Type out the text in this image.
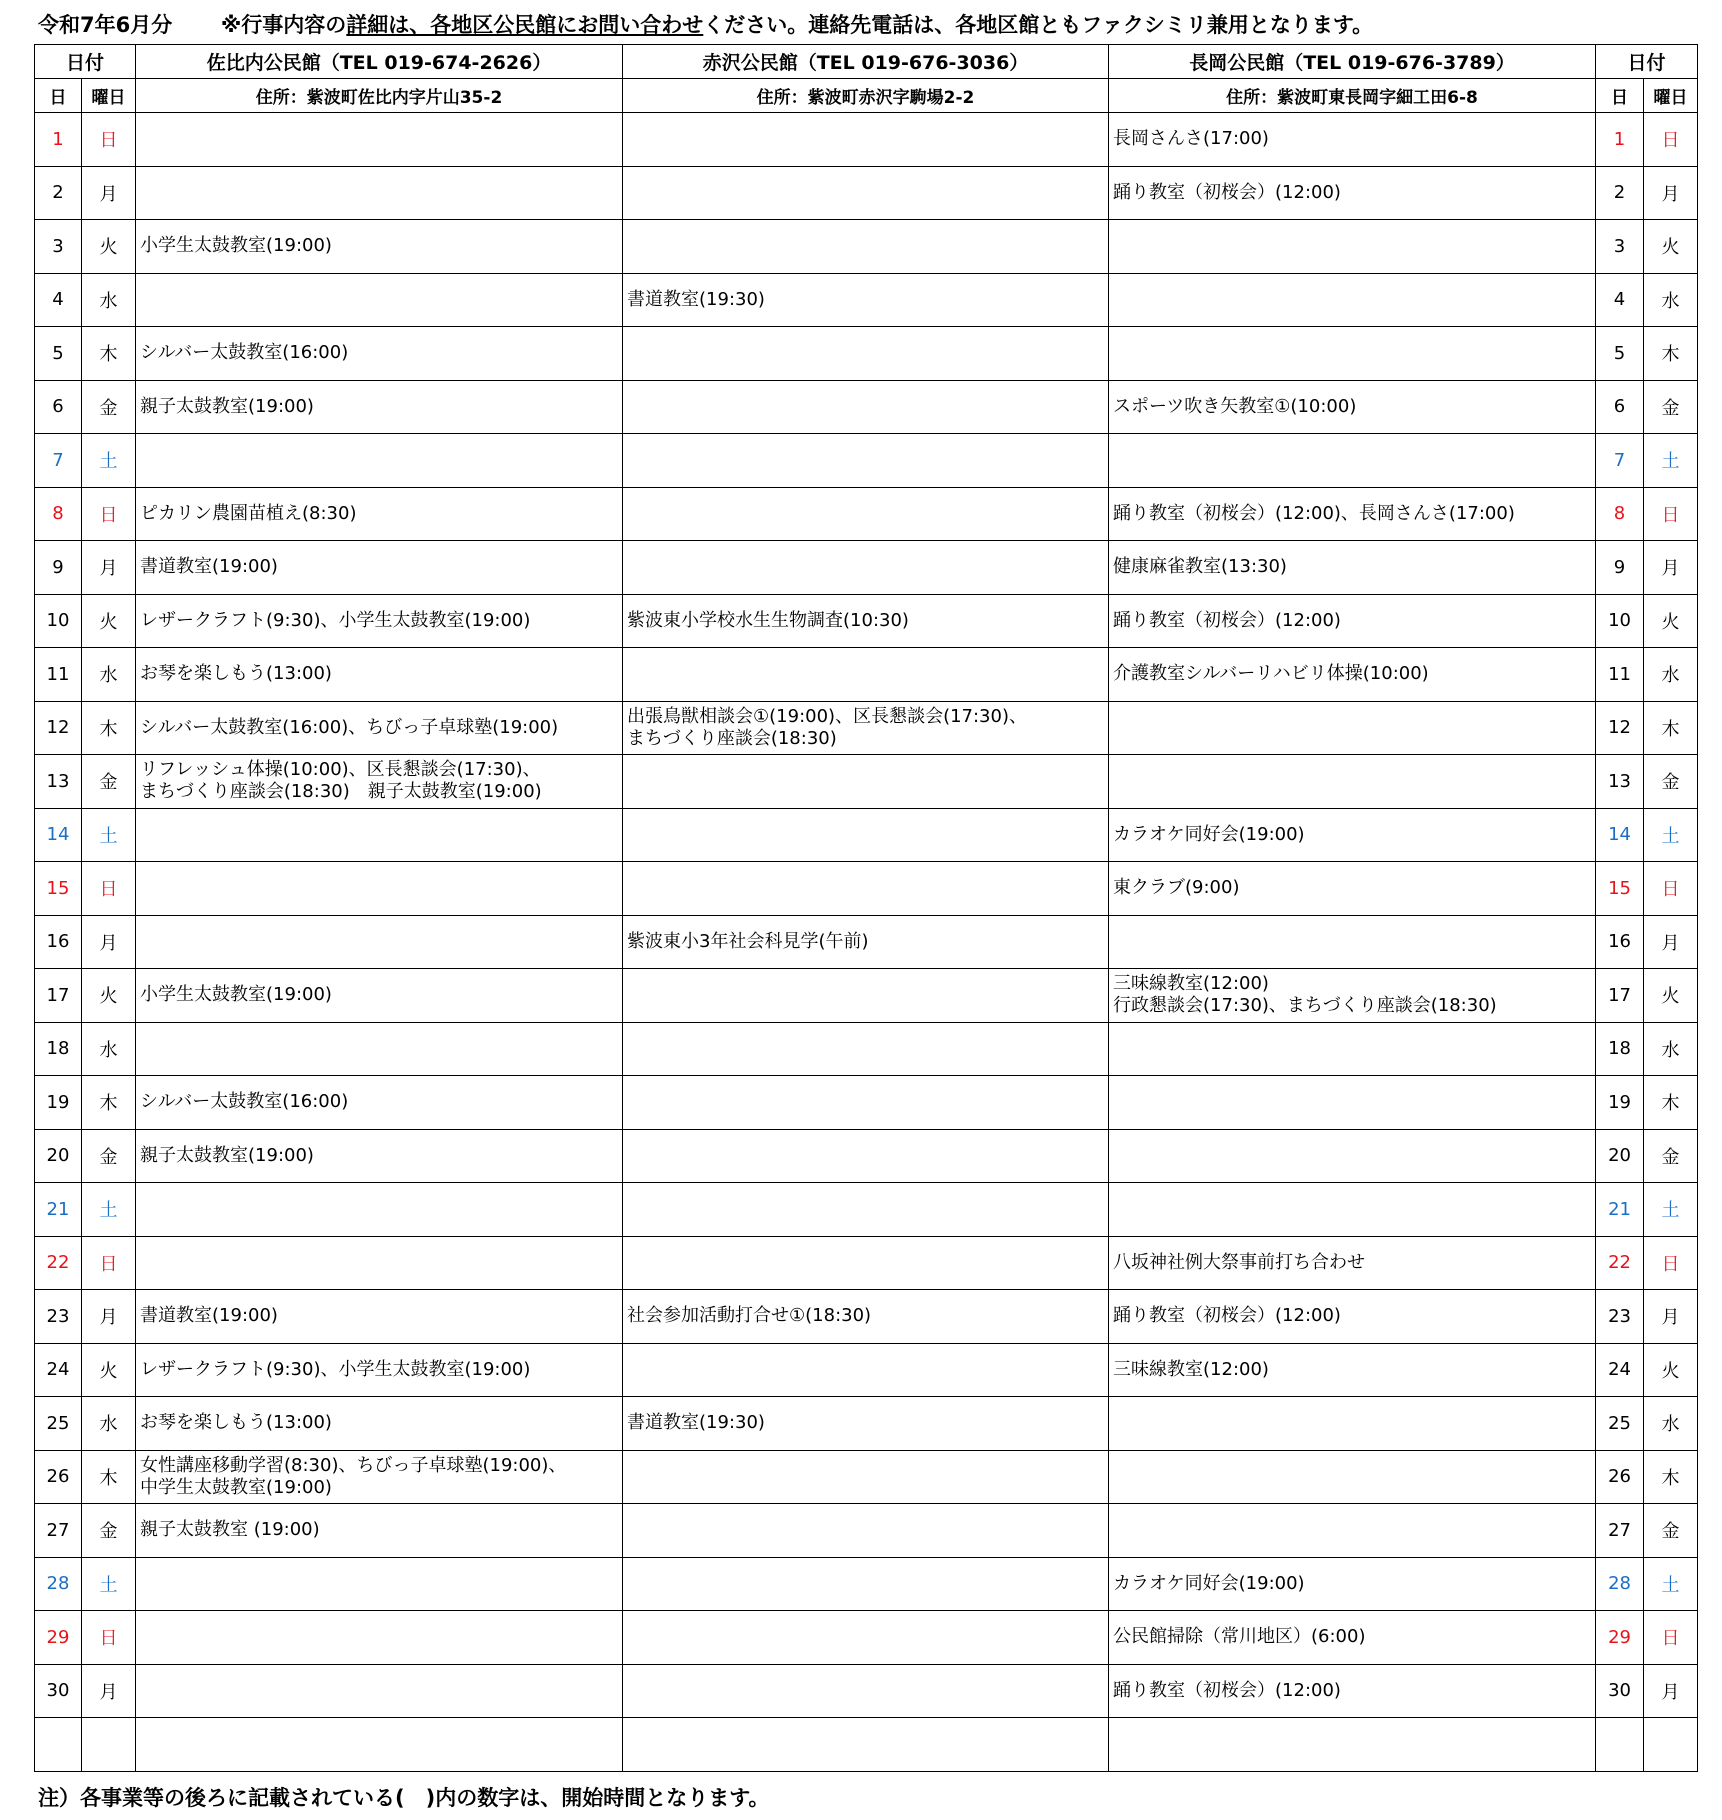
令和7年6月分 ※行事内容の詳細は、各地区公民館にお問い合わせください。連絡先電話は、各地区館ともファクシミリ兼用となります。
日付		佐比内公民館（TEL 019-674-2626）	赤沢公民館（TEL 019-676-3036）	長岡公民館（TEL 019-676-3789）	日付	
日	曜日	住所：紫波町佐比内字片山35-2	住所：紫波町赤沢字駒場2-2	住所：紫波町東長岡字細工田6-8	日	曜日
1	日			長岡さんさ(17:00)	1	日
2	月			踊り教室（初桜会）(12:00)	2	月
3	火	小学生太鼓教室(19:00)			3	火
4	水		書道教室(19:30)		4	水
5	木	シルバー太鼓教室(16:00)			5	木
6	金	親子太鼓教室(19:00)		スポーツ吹き矢教室①(10:00)	6	金
7	土				7	土
8	日	ピカリン農園苗植え(8:30)		踊り教室（初桜会）(12:00)、長岡さんさ(17:00)	8	日
9	月	書道教室(19:00)		健康麻雀教室(13:30)	9	月
10	火	レザークラフト(9:30)、小学生太鼓教室(19:00)	紫波東小学校水生生物調査(10:30)	踊り教室（初桜会）(12:00)	10	火
11	水	お琴を楽しもう(13:00)		介護教室シルバーリハビリ体操(10:00)	11	水
12	木	シルバー太鼓教室(16:00)、ちびっ子卓球塾(19:00)	出張鳥獣相談会①(19:00)、区長懇談会(17:30)、
まちづくり座談会(18:30)		12	木
13	金	リフレッシュ体操(10:00)、区長懇談会(17:30)、
まちづくり座談会(18:30)　親子太鼓教室(19:00)			13	金
14	土			カラオケ同好会(19:00)	14	土
15	日			東クラブ(9:00)	15	日
16	月		紫波東小3年社会科見学(午前)		16	月
17	火	小学生太鼓教室(19:00)		三味線教室(12:00)
行政懇談会(17:30)、まちづくり座談会(18:30)	17	火
18	水				18	水
19	木	シルバー太鼓教室(16:00)			19	木
20	金	親子太鼓教室(19:00)			20	金
21	土				21	土
22	日			八坂神社例大祭事前打ち合わせ	22	日
23	月	書道教室(19:00)	社会参加活動打合せ①(18:30)	踊り教室（初桜会）(12:00)	23	月
24	火	レザークラフト(9:30)、小学生太鼓教室(19:00)		三味線教室(12:00)	24	火
25	水	お琴を楽しもう(13:00)	書道教室(19:30)		25	水
26	木	女性講座移動学習(8:30)、ちびっ子卓球塾(19:00)、
中学生太鼓教室(19:00)			26	木
27	金	親子太鼓教室 (19:00)			27	金
28	土			カラオケ同好会(19:00)	28	土
29	日			公民館掃除（常川地区）(6:00)	29	日
30	月			踊り教室（初桜会）(12:00)	30	月

注）各事業等の後ろに記載されている(　)内の数字は、開始時間となります。
